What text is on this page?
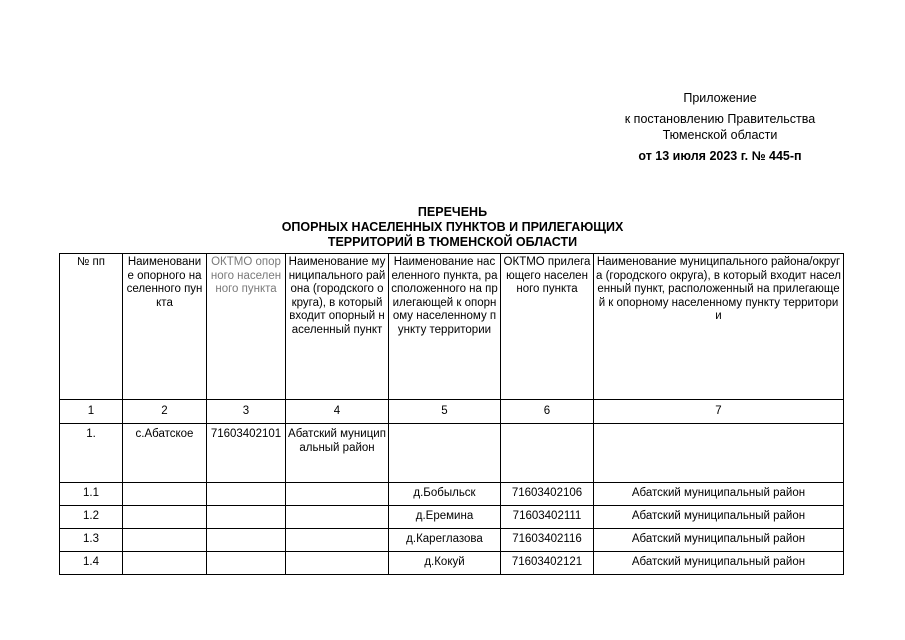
Приложение
к постановлению Правительства
Тюменской области
от 13 июля 2023 г. № 445-п
ПЕРЕЧЕНЬ
ОПОРНЫХ НАСЕЛЕННЫХ ПУНКТОВ И ПРИЛЕГАЮЩИХ
ТЕРРИТОРИЙ В ТЮМЕНСКОЙ ОБЛАСТИ
№ пп	Наименование опорного населенного пункта	ОКТМО опорного населенного пункта	Наименование муниципального района (городского округа), в который входит опорный населенный пункт	Наименование населенного пункта, расположенного на прилегающей к опорному населенному пункту территории	ОКТМО прилегающего населенного пункта	Наименование муниципального района/округа (городского округа), в который входит населенный пункт, расположенный на прилегающей к опорному населенному пункту территории
1	2	3	4	5	6	7
1.	с.Абатское	71603402101	Абатский муниципальный район			
1.1				д.Бобыльск	71603402106	Абатский муниципальный район
1.2				д.Еремина	71603402111	Абатский муниципальный район
1.3				д.Кареглазова	71603402116	Абатский муниципальный район
1.4				д.Кокуй	71603402121	Абатский муниципальный район
